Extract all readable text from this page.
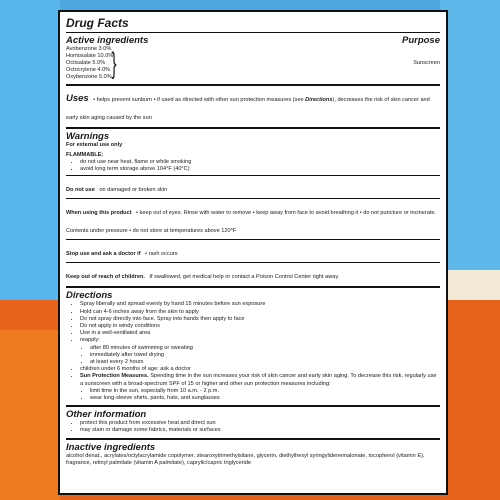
Drug Facts
Active ingredients	Purpose
Avobenzone 3.0%
Homosalate 10.0%
Octisalate 5.0%
Octocrylene 4.0%
Oxybenzone 5.0% }	Sunscreen
Uses • helps prevent sunburn • if used as directed with other sun protection measures (see Directions), decreases the risk of skin cancer and early skin aging caused by the sun
Warnings
For external use only
FLAMMABLE:
• do not use near heat, flame or while smoking
• avoid long term storage above 104°F (40°C)
Do not use on damaged or broken skin
When using this product • keep out of eyes. Rinse with water to remove • keep away from face to avoid breathing it • do not puncture or incinerate. Contents under pressure • do not store at temperatures above 120°F
Stop use and ask a doctor if • rash occurs
Keep out of reach of children. If swallowed, get medical help or contact a Poison Control Center right away.
Directions
• Spray liberally and spread evenly by hand 15 minutes before sun exposure
• Hold can 4-6 inches away from the skin to apply
• Do not spray directly into face. Spray into hands then apply to face
• Do not apply in windy conditions
• Use in a well-ventilated area
• reapply:
• after 80 minutes of swimming or sweating
• immediately after towel drying
• at least every 2 hours
• children under 6 months of age: ask a doctor
• Sun Protection Measures. Spending time in the sun increases your risk of skin cancer and early skin aging. To decrease this risk, regularly use a sunscreen with a broad-spectrum SPF of 15 or higher and other sun protection measures including:
• limit time in the sun, especially from 10 a.m. - 2 p.m.
• wear long-sleeve shirts, pants, hats, and sunglasses
Other information
• protect this product from excessive heat and direct sun
• may stain or damage some fabrics, materials or surfaces
Inactive ingredients
alcohol denat., acrylates/octylacrylamide copolymer, stearoxytrimethylsilane, glycerin, diethylhexyl syringylidenemalonate, tocopherol (vitamin E), fragrance, retinyl palmitate (vitamin A palmitate), caprylic/capric triglyceride
